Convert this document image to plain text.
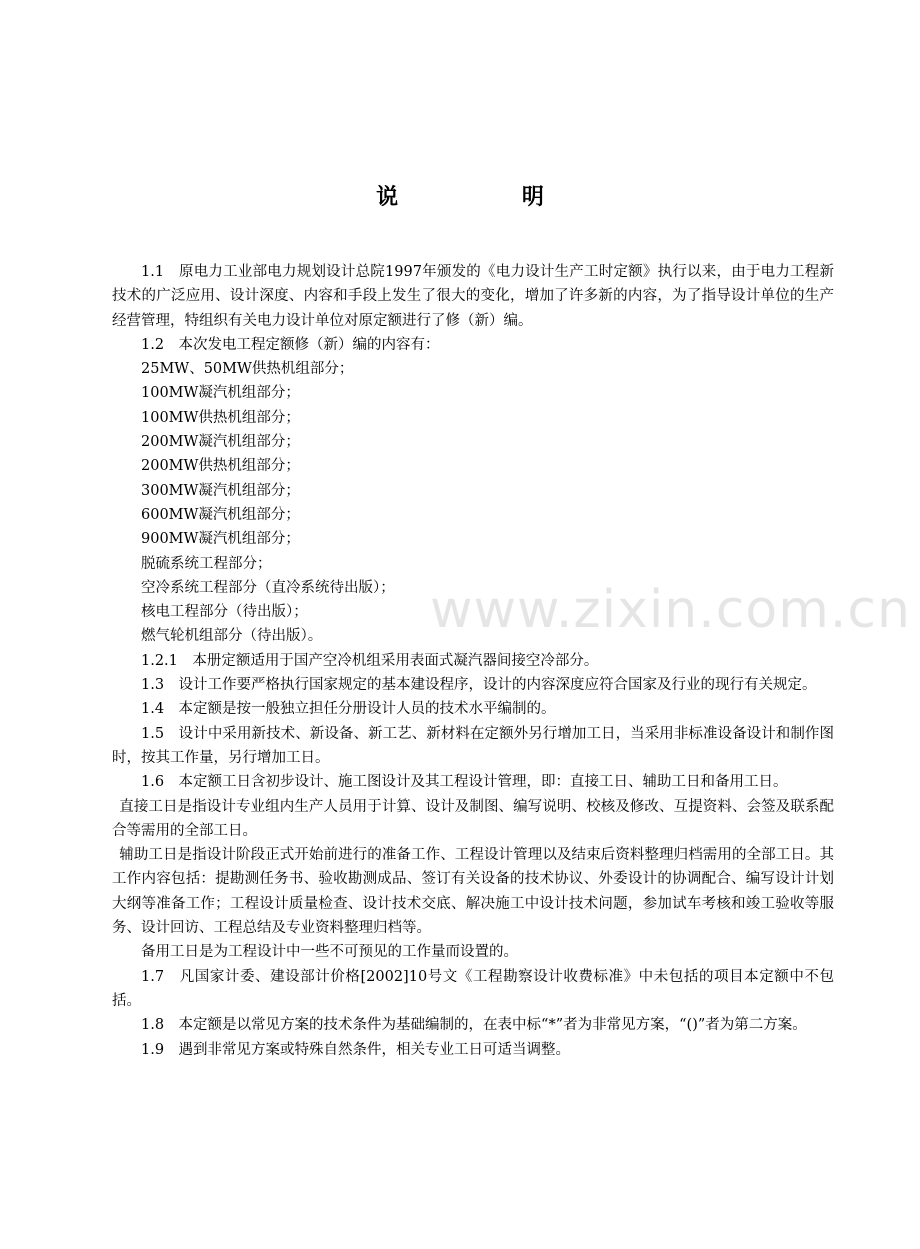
说 明

1.1　原电力工业部电力规划设计总院1997年颁发的《电力设计生产工时定额》执行以来，由于电力工程新技术的广泛应用、设计深度、内容和手段上发生了很大的变化，增加了许多新的内容，为了指导设计单位的生产经营管理，特组织有关电力设计单位对原定额进行了修（新）编。

1.2　本次发电工程定额修（新）编的内容有：

25MW、50MW供热机组部分；

100MW凝汽机组部分；

100MW供热机组部分；

200MW凝汽机组部分；

200MW供热机组部分；

300MW凝汽机组部分；

600MW凝汽机组部分；

900MW凝汽机组部分；

脱硫系统工程部分；

空冷系统工程部分（直冷系统待出版）；

核电工程部分（待出版）；

燃气轮机组部分（待出版）。

1.2.1　本册定额适用于国产空冷机组采用表面式凝汽器间接空冷部分。

1.3　设计工作要严格执行国家规定的基本建设程序，设计的内容深度应符合国家及行业的现行有关规定。

1.4　本定额是按一般独立担任分册设计人员的技术水平编制的。

1.5　设计中采用新技术、新设备、新工艺、新材料在定额外另行增加工日，当采用非标准设备设计和制作图时，按其工作量，另行增加工日。

1.6　本定额工日含初步设计、施工图设计及其工程设计管理，即：直接工日、辅助工日和备用工日。

直接工日是指设计专业组内生产人员用于计算、设计及制图、编写说明、校核及修改、互提资料、会签及联系配合等需用的全部工日。

辅助工日是指设计阶段正式开始前进行的准备工作、工程设计管理以及结束后资料整理归档需用的全部工日。其工作内容包括：提勘测任务书、验收勘测成品、签订有关设备的技术协议、外委设计的协调配合、编写设计计划大纲等准备工作；工程设计质量检查、设计技术交底、解决施工中设计技术问题，参加试车考核和竣工验收等服务、设计回访、工程总结及专业资料整理归档等。

备用工日是为工程设计中一些不可预见的工作量而设置的。

1.7　凡国家计委、建设部计价格[2002]10号文《工程勘察设计收费标准》中未包括的项目本定额中不包括。

1.8　本定额是以常见方案的技术条件为基础编制的，在表中标“*”者为非常见方案，“()”者为第二方案。

1.9　遇到非常见方案或特殊自然条件，相关专业工日可适当调整。

www.zixin.com.cn
